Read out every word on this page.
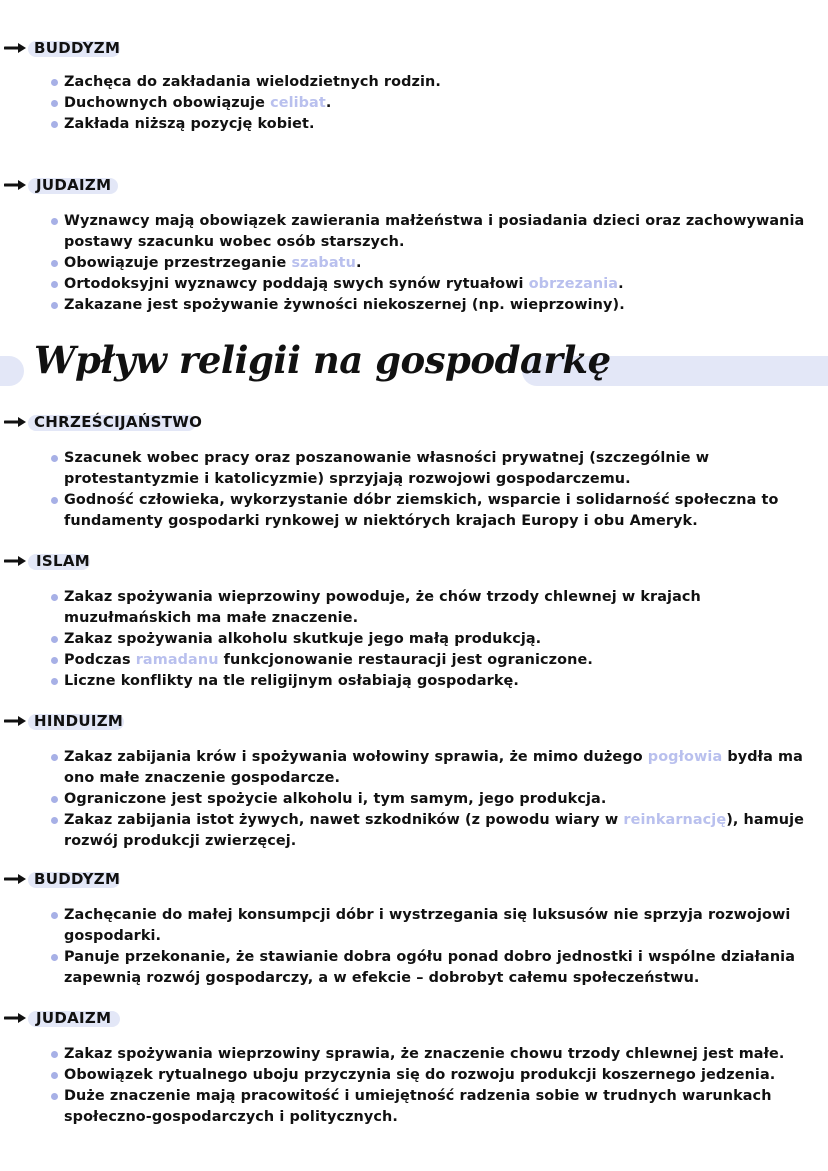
BUDDYZM
Zachęca do zakładania wielodzietnych rodzin.
Duchownych obowiązuje celibat.
Zakłada niższą pozycję kobiet.
JUDAIZM
Wyznawcy mają obowiązek zawierania małżeństwa i posiadania dzieci oraz zachowywania postawy szacunku wobec osób starszych.
Obowiązuje przestrzeganie szabatu.
Ortodoksyjni wyznawcy poddają swych synów rytuałowi obrzezania.
Zakazane jest spożywanie żywności niekoszernej (np. wieprzowiny).
Wpływ religii na gospodarkę
CHRZEŚCIJAŃSTWO
Szacunek wobec pracy oraz poszanowanie własności prywatnej (szczególnie w protestantyzmie i katolicyzmie) sprzyjają rozwojowi gospodarczemu.
Godność człowieka, wykorzystanie dóbr ziemskich, wsparcie i solidarność społeczna to fundamenty gospodarki rynkowej w niektórych krajach Europy i obu Ameryk.
ISLAM
Zakaz spożywania wieprzowiny powoduje, że chów trzody chlewnej w krajach muzułmańskich ma małe znaczenie.
Zakaz spożywania alkoholu skutkuje jego małą produkcją.
Podczas ramadanu funkcjonowanie restauracji jest ograniczone.
Liczne konflikty na tle religijnym osłabiają gospodarkę.
HINDUIZM
Zakaz zabijania krów i spożywania wołowiny sprawia, że mimo dużego pogłowia bydła ma ono małe znaczenie gospodarcze.
Ograniczone jest spożycie alkoholu i, tym samym, jego produkcja.
Zakaz zabijania istot żywych, nawet szkodników (z powodu wiary w reinkarnację), hamuje rozwój produkcji zwierzęcej.
BUDDYZM
Zachęcanie do małej konsumpcji dóbr i wystrzegania się luksusów nie sprzyja rozwojowi gospodarki.
Panuje przekonanie, że stawianie dobra ogółu ponad dobro jednostki i wspólne działania zapewnią rozwój gospodarczy, a w efekcie – dobrobyt całemu społeczeństwu.
JUDAIZM
Zakaz spożywania wieprzowiny sprawia, że znaczenie chowu trzody chlewnej jest małe.
Obowiązek rytualnego uboju przyczynia się do rozwoju produkcji koszernego jedzenia.
Duże znaczenie mają pracowitość i umiejętność radzenia sobie w trudnych warunkach społeczno-gospodarczych i politycznych.
